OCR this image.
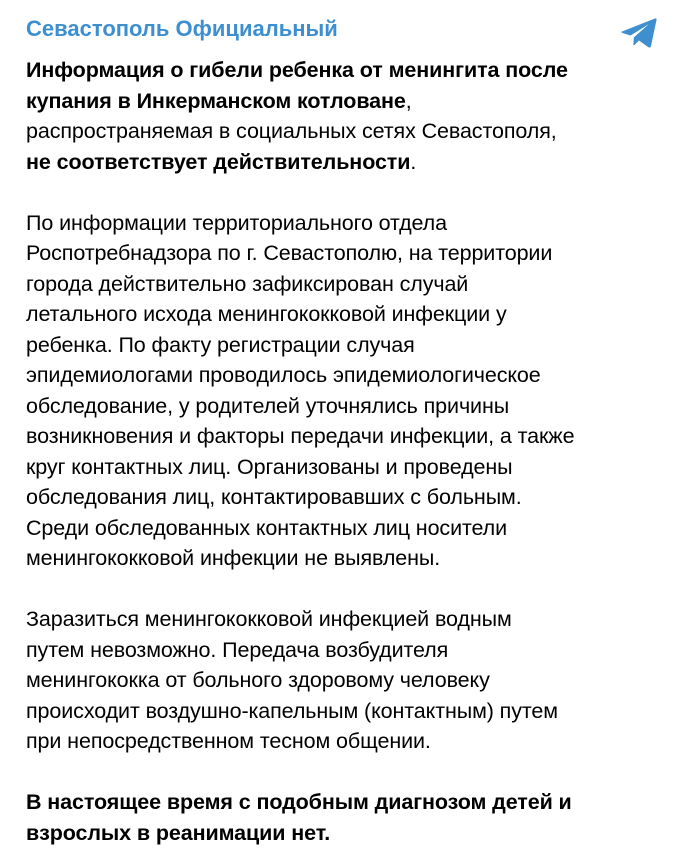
Севастополь Официальный
Информация о гибели ребенка от менингита после
купания в Инкерманском котловане,
распространяемая в социальных сетях Севастополя,
не соответствует действительности.
По информации территориального отдела
Роспотребнадзора по г. Севастополю, на территории
города действительно зафиксирован случай
летального исхода менингококковой инфекции у
ребенка. По факту регистрации случая
эпидемиологами проводилось эпидемиологическое
обследование, у родителей уточнялись причины
возникновения и факторы передачи инфекции, а также
круг контактных лиц. Организованы и проведены
обследования лиц, контактировавших с больным.
Среди обследованных контактных лиц носители
менингококковой инфекции не выявлены.
Заразиться менингококковой инфекцией водным
путем невозможно. Передача возбудителя
менингококка от больного здоровому человеку
происходит воздушно-капельным (контактным) путем
при непосредственном тесном общении.
В настоящее время с подобным диагнозом детей и
взрослых в реанимации нет.
